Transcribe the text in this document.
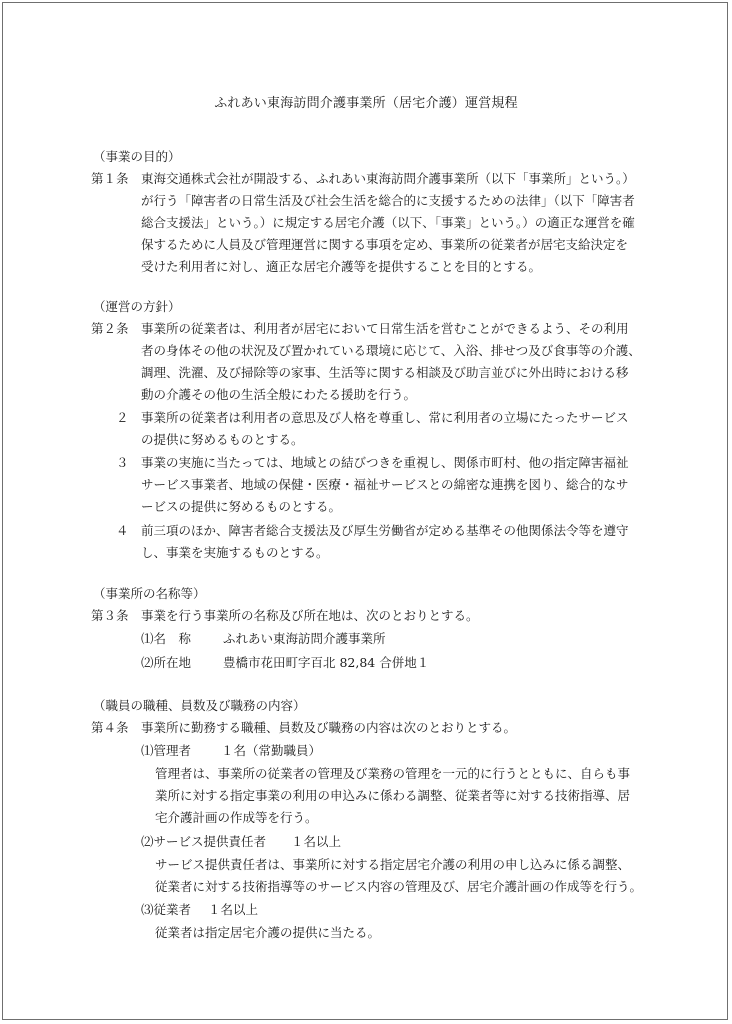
ふれあい東海訪問介護事業所（居宅介護）運営規程
（事業の目的）
第１条 東海交通株式会社が開設する、ふれあい東海訪問介護事業所（以下「事業所」という。）
が行う「障害者の日常生活及び社会生活を総合的に支援するための法律」（以下「障害者
総合支援法」という。）に規定する居宅介護（以下、「事業」という。）の適正な運営を確
保するために人員及び管理運営に関する事項を定め、事業所の従業者が居宅支給決定を
受けた利用者に対し、適正な居宅介護等を提供することを目的とする。
（運営の方針）
第２条 事業所の従業者は、利用者が居宅において日常生活を営むことができるよう、その利用
者の身体その他の状況及び置かれている環境に応じて、入浴、排せつ及び食事等の介護、
調理、洗濯、及び掃除等の家事、生活等に関する相談及び助言並びに外出時における移
動の介護その他の生活全般にわたる援助を行う。
２ 事業所の従業者は利用者の意思及び人格を尊重し、常に利用者の立場にたったサービス
の提供に努めるものとする。
３ 事業の実施に当たっては、地域との結びつきを重視し、関係市町村、他の指定障害福祉
サービス事業者、地域の保健・医療・福祉サービスとの綿密な連携を図り、総合的なサ
ービスの提供に努めるものとする。
４ 前三項のほか、障害者総合支援法及び厚生労働省が定める基準その他関係法令等を遵守
し、事業を実施するものとする。
（事業所の名称等）
第３条 事業を行う事業所の名称及び所在地は、次のとおりとする。
⑴名　称	ふれあい東海訪問介護事業所
⑵所在地	豊橋市花田町字百北 82,84 合併地１
（職員の職種、員数及び職務の内容）
第４条 事業所に勤務する職種、員数及び職務の内容は次のとおりとする。
⑴管理者 １名（常勤職員）
管理者は、事業所の従業者の管理及び業務の管理を一元的に行うとともに、自らも事
業所に対する指定事業の利用の申込みに係わる調整、従業者等に対する技術指導、居
宅介護計画の作成等を行う。
⑵サービス提供責任者 １名以上
サービス提供責任者は、事業所に対する指定居宅介護の利用の申し込みに係る調整、
従業者に対する技術指導等のサービス内容の管理及び、居宅介護計画の作成等を行う。
⑶従業者 １名以上
従業者は指定居宅介護の提供に当たる。
